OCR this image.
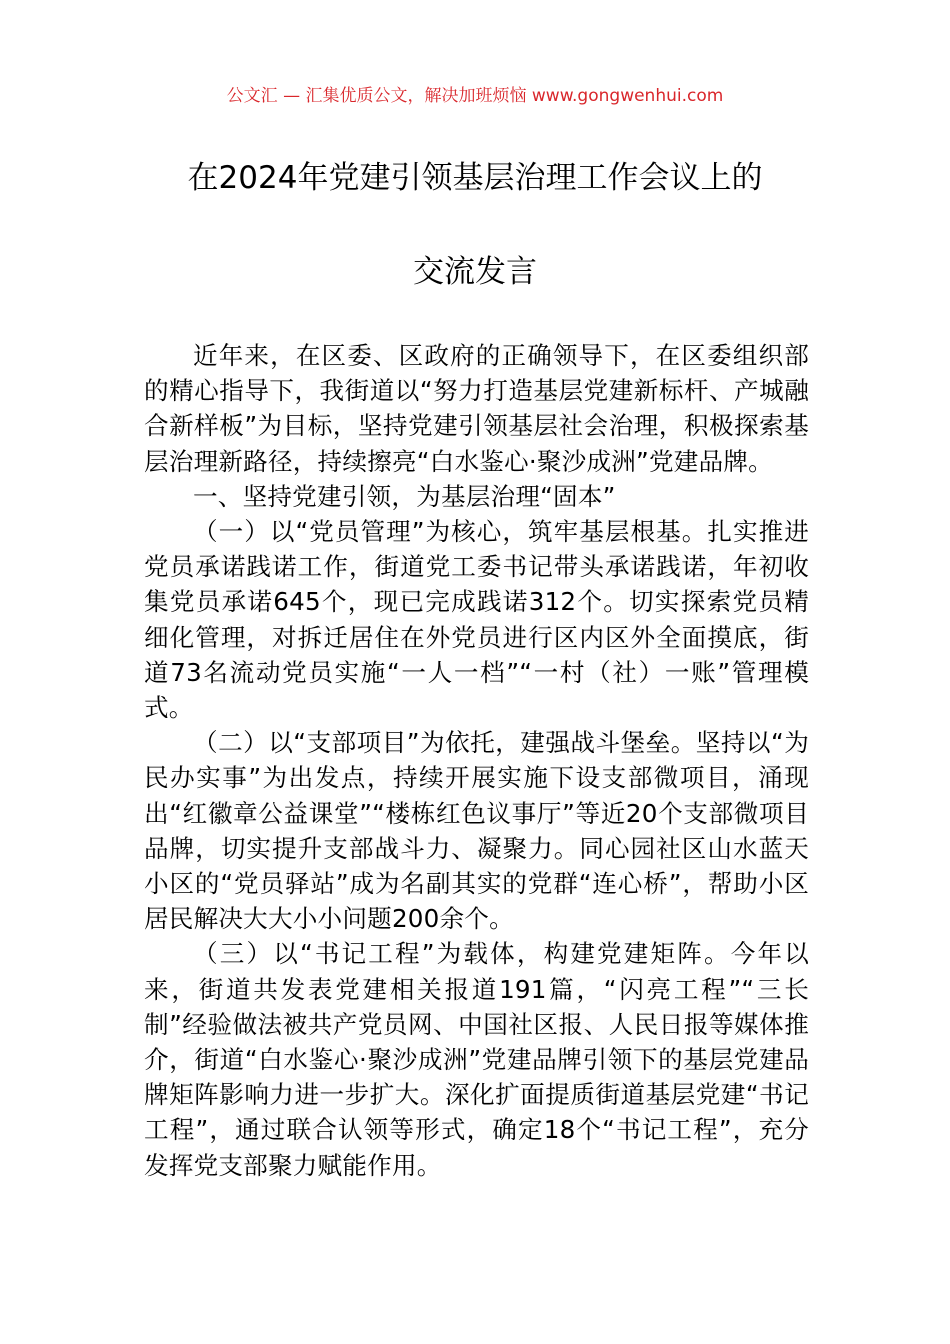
公文汇 — 汇集优质公文，解决加班烦恼 www.gongwenhui.com
在2024年党建引领基层治理工作会议上的
交流发言

近年来，在区委、区政府的正确领导下，在区委组织部的精心指导下，我街道以“努力打造基层党建新标杆、产城融合新样板”为目标，坚持党建引领基层社会治理，积极探索基层治理新路径，持续擦亮“白水鉴心·聚沙成洲”党建品牌。

一、坚持党建引领，为基层治理“固本”

（一）以“党员管理”为核心，筑牢基层根基。扎实推进党员承诺践诺工作，街道党工委书记带头承诺践诺，年初收集党员承诺645个，现已完成践诺312个。切实探索党员精细化管理，对拆迁居住在外党员进行区内区外全面摸底，街道73名流动党员实施“一人一档”“一村（社）一账”管理模式。

（二）以“支部项目”为依托，建强战斗堡垒。坚持以“为民办实事”为出发点，持续开展实施下设支部微项目，涌现出“红徽章公益课堂”“楼栋红色议事厅”等近20个支部微项目品牌，切实提升支部战斗力、凝聚力。同心园社区山水蓝天小区的“党员驿站”成为名副其实的党群“连心桥”，帮助小区居民解决大大小小问题200余个。

（三）以“书记工程”为载体，构建党建矩阵。今年以来，街道共发表党建相关报道191篇，“闪亮工程”“三长制”经验做法被共产党员网、中国社区报、人民日报等媒体推介，街道“白水鉴心·聚沙成洲”党建品牌引领下的基层党建品牌矩阵影响力进一步扩大。深化扩面提质街道基层党建“书记工程”，通过联合认领等形式，确定18个“书记工程”，充分发挥党支部聚力赋能作用。
